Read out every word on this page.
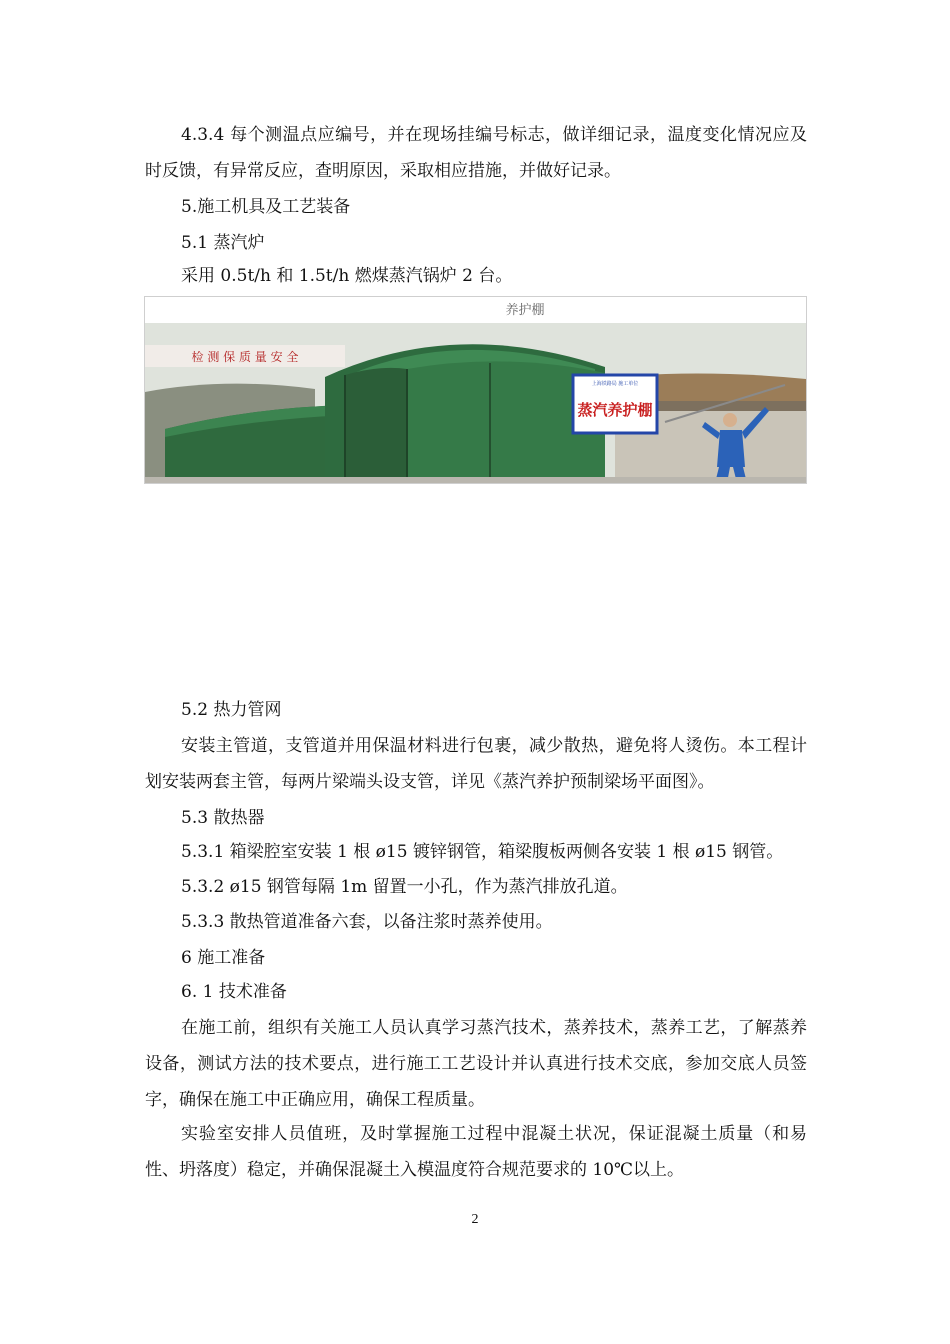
4.3.4 每个测温点应编号，并在现场挂编号标志，做详细记录，温度变化情况应及时反馈，有异常反应，查明原因，采取相应措施，并做好记录。

5.施工机具及工艺装备

5.1 蒸汽炉

采用 0.5t/h 和 1.5t/h 燃煤蒸汽锅炉 2 台。

养护棚
检 测 保 质 量 安 全
上海铁路局 施工单位
蒸汽养护棚

5.2 热力管网

安装主管道，支管道并用保温材料进行包裹，减少散热，避免将人烫伤。本工程计划安装两套主管，每两片梁端头设支管，详见《蒸汽养护预制梁场平面图》。

5.3 散热器

5.3.1 箱梁腔室安装 1 根 ø15 镀锌钢管，箱梁腹板两侧各安装 1 根 ø15 钢管。

5.3.2 ø15 钢管每隔 1m 留置一小孔，作为蒸汽排放孔道。

5.3.3 散热管道准备六套，以备注浆时蒸养使用。

6 施工准备

6. 1 技术准备

在施工前，组织有关施工人员认真学习蒸汽技术，蒸养技术，蒸养工艺，了解蒸养设备，测试方法的技术要点，进行施工工艺设计并认真进行技术交底，参加交底人员签字，确保在施工中正确应用，确保工程质量。

实验室安排人员值班，及时掌握施工过程中混凝土状况，保证混凝土质量（和易性、坍落度）稳定，并确保混凝土入模温度符合规范要求的 10℃以上。

2
